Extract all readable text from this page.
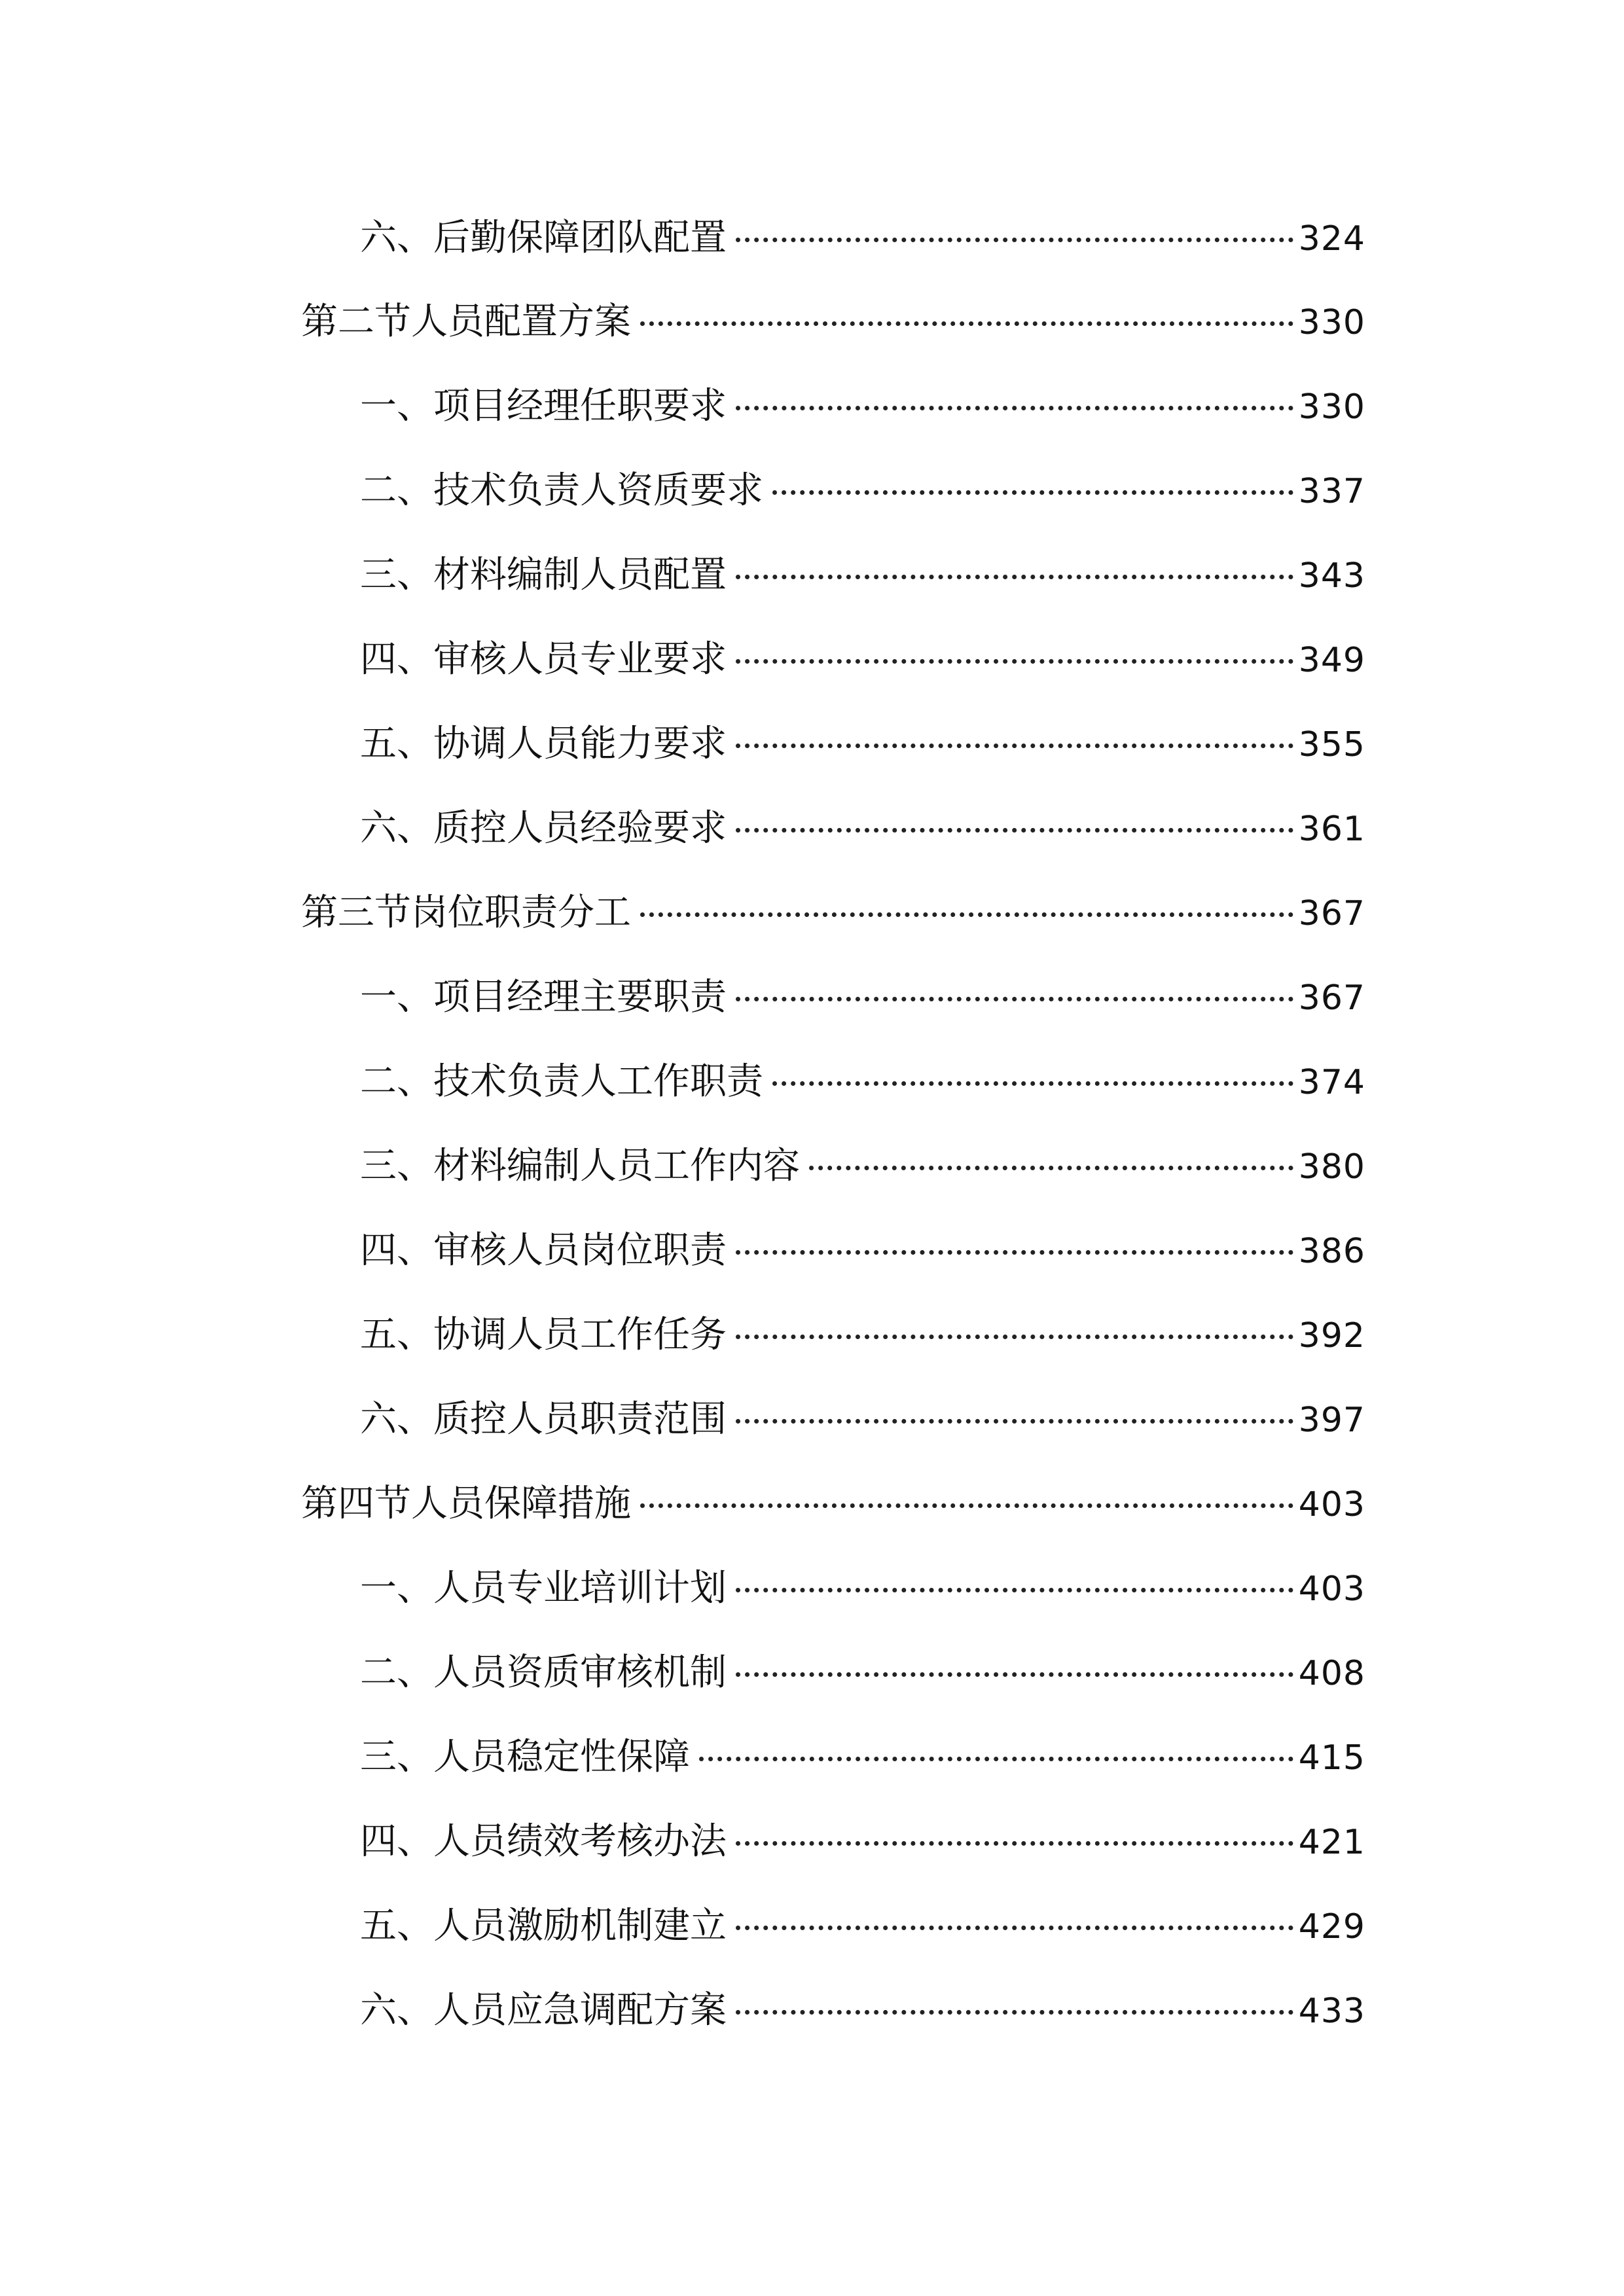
六、后勤保障团队配置	324
第二节人员配置方案	330
一、项目经理任职要求	330
二、技术负责人资质要求	337
三、材料编制人员配置	343
四、审核人员专业要求	349
五、协调人员能力要求	355
六、质控人员经验要求	361
第三节岗位职责分工	367
一、项目经理主要职责	367
二、技术负责人工作职责	374
三、材料编制人员工作内容	380
四、审核人员岗位职责	386
五、协调人员工作任务	392
六、质控人员职责范围	397
第四节人员保障措施	403
一、人员专业培训计划	403
二、人员资质审核机制	408
三、人员稳定性保障	415
四、人员绩效考核办法	421
五、人员激励机制建立	429
六、人员应急调配方案	433
